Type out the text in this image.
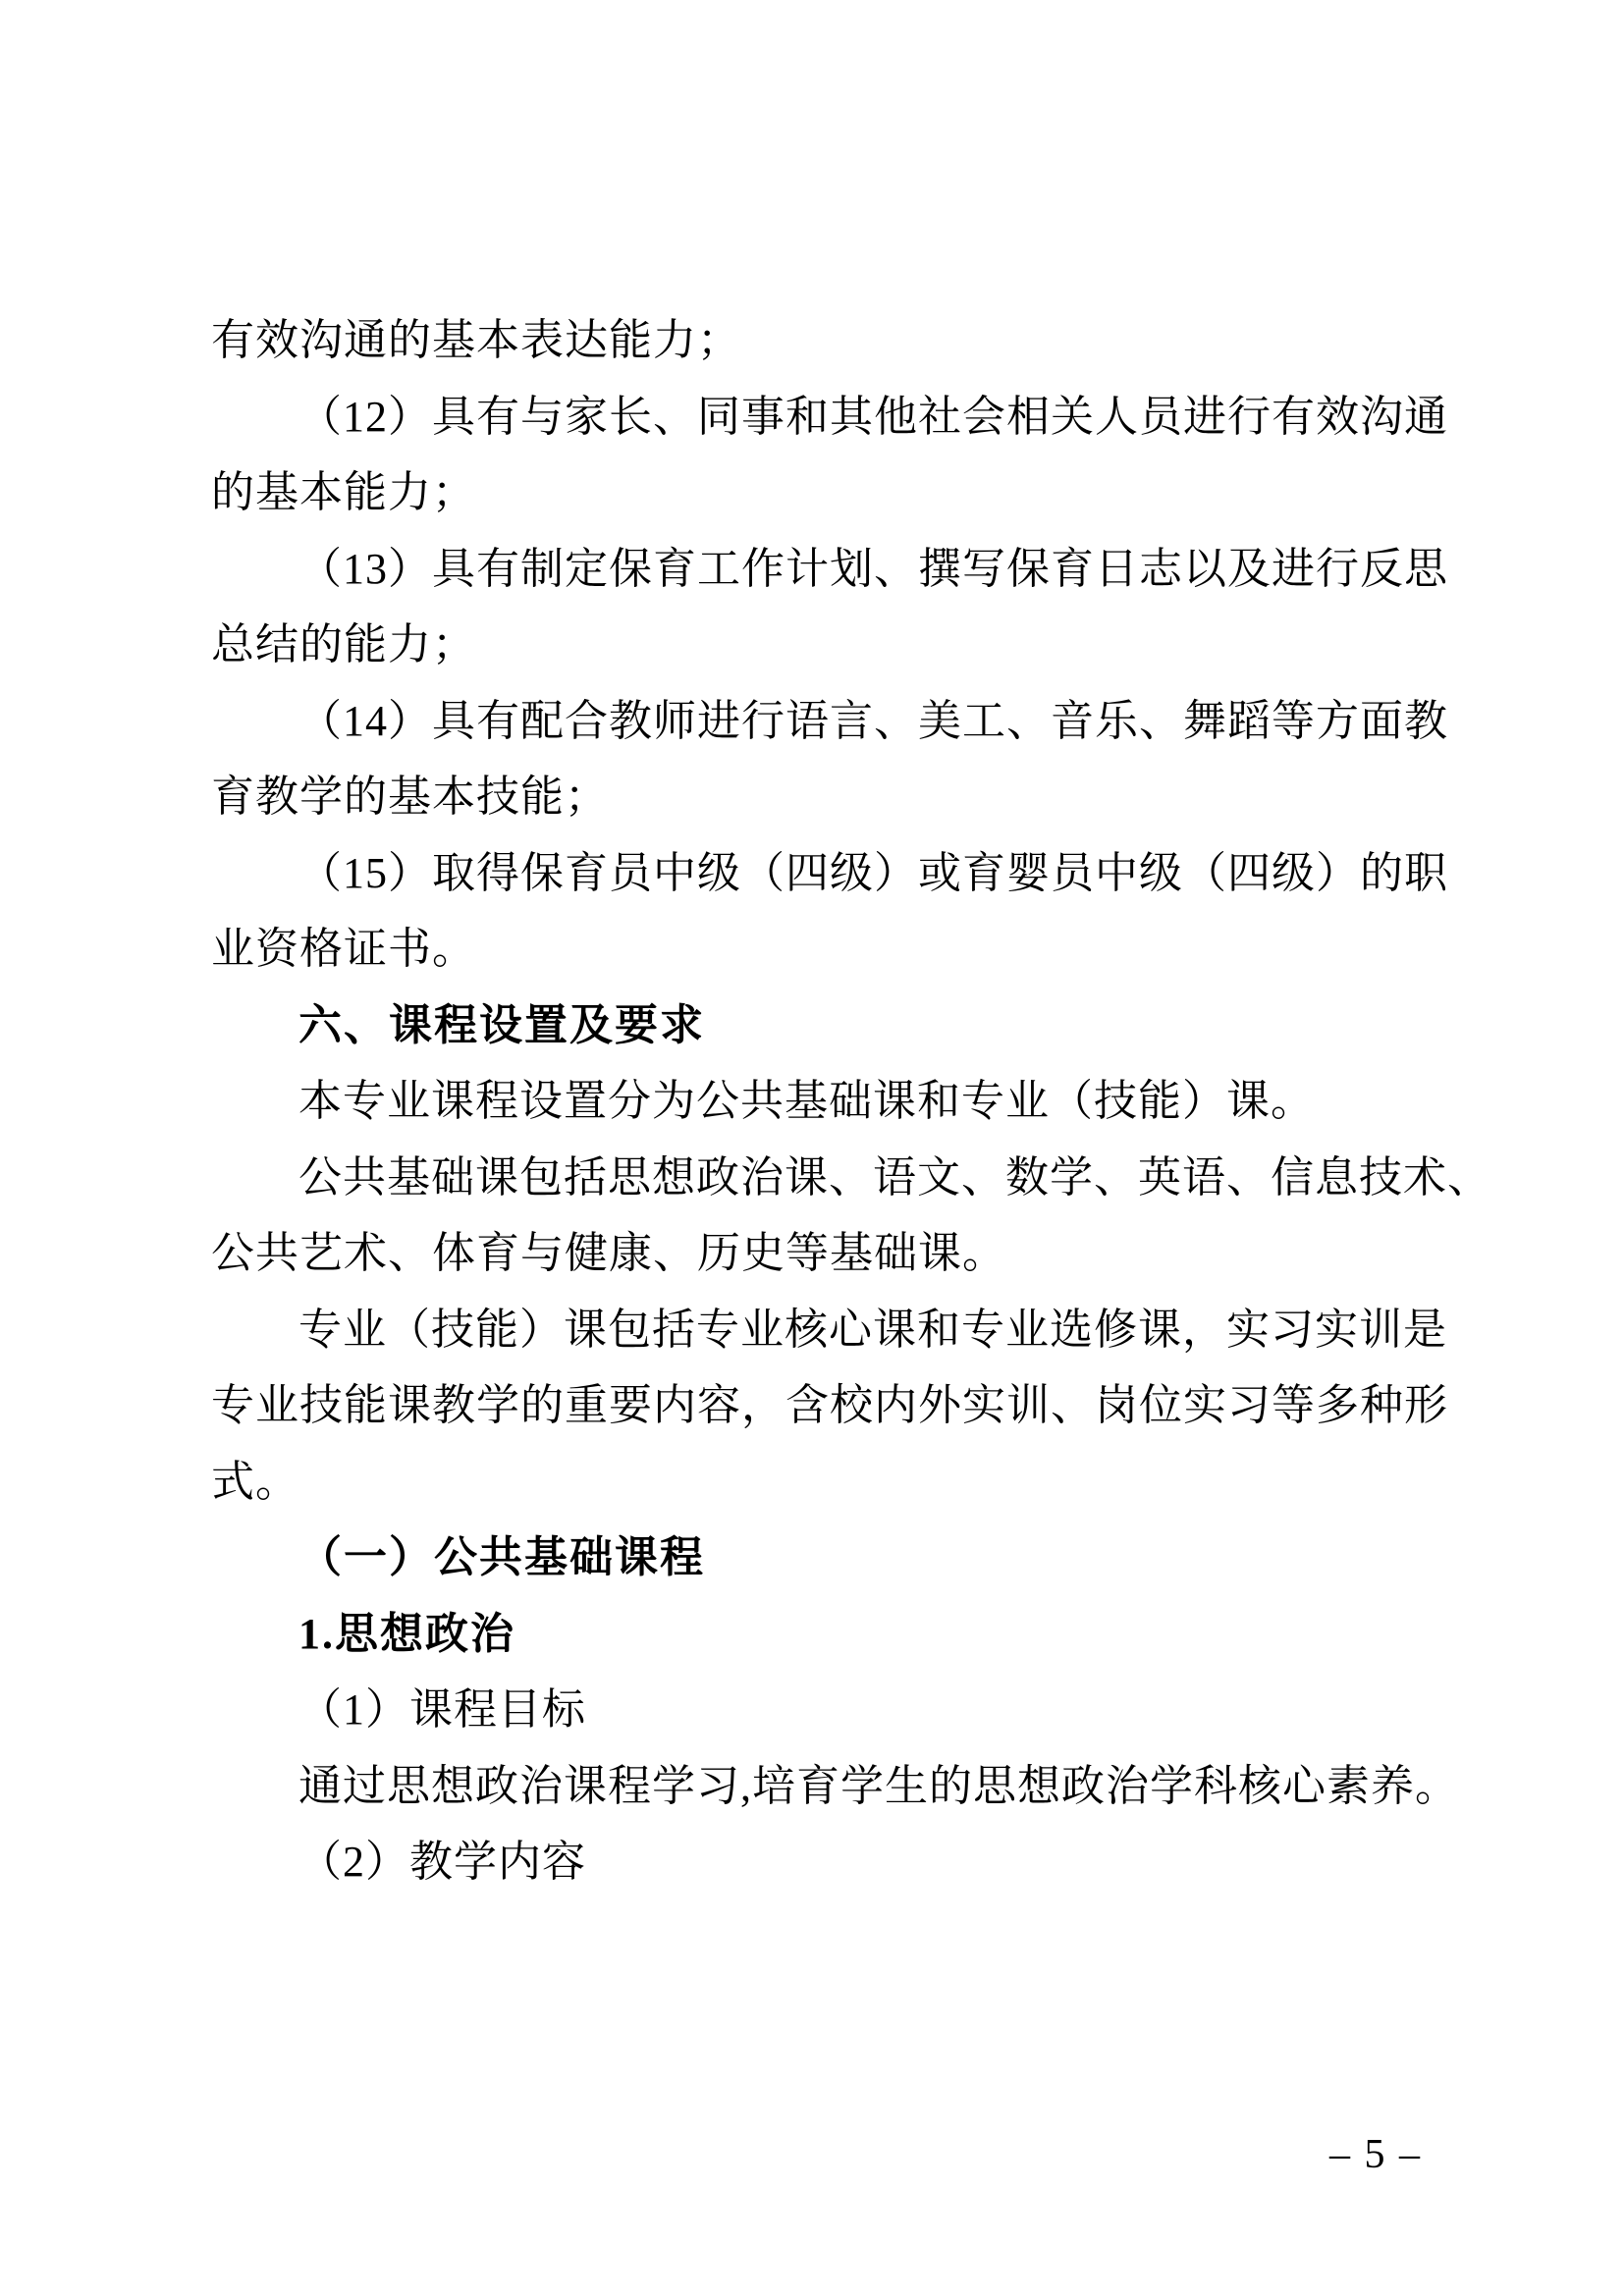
有效沟通的基本表达能力；
（12）具有与家长、同事和其他社会相关人员进行有效沟通
的基本能力；
（13）具有制定保育工作计划、撰写保育日志以及进行反思
总结的能力；
（14）具有配合教师进行语言、美工、音乐、舞蹈等方面教
育教学的基本技能；
（15）取得保育员中级（四级）或育婴员中级（四级）的职
业资格证书。
六、课程设置及要求
本专业课程设置分为公共基础课和专业（技能）课。
公共基础课包括思想政治课、语文、数学、英语、信息技术、
公共艺术、体育与健康、历史等基础课。
专业（技能）课包括专业核心课和专业选修课，实习实训是
专业技能课教学的重要内容，含校内外实训、岗位实习等多种形
式。
（一）公共基础课程
1.思想政治
（1）课程目标
通过思想政治课程学习,培育学生的思想政治学科核心素养。
（2）教学内容
– 5 –
